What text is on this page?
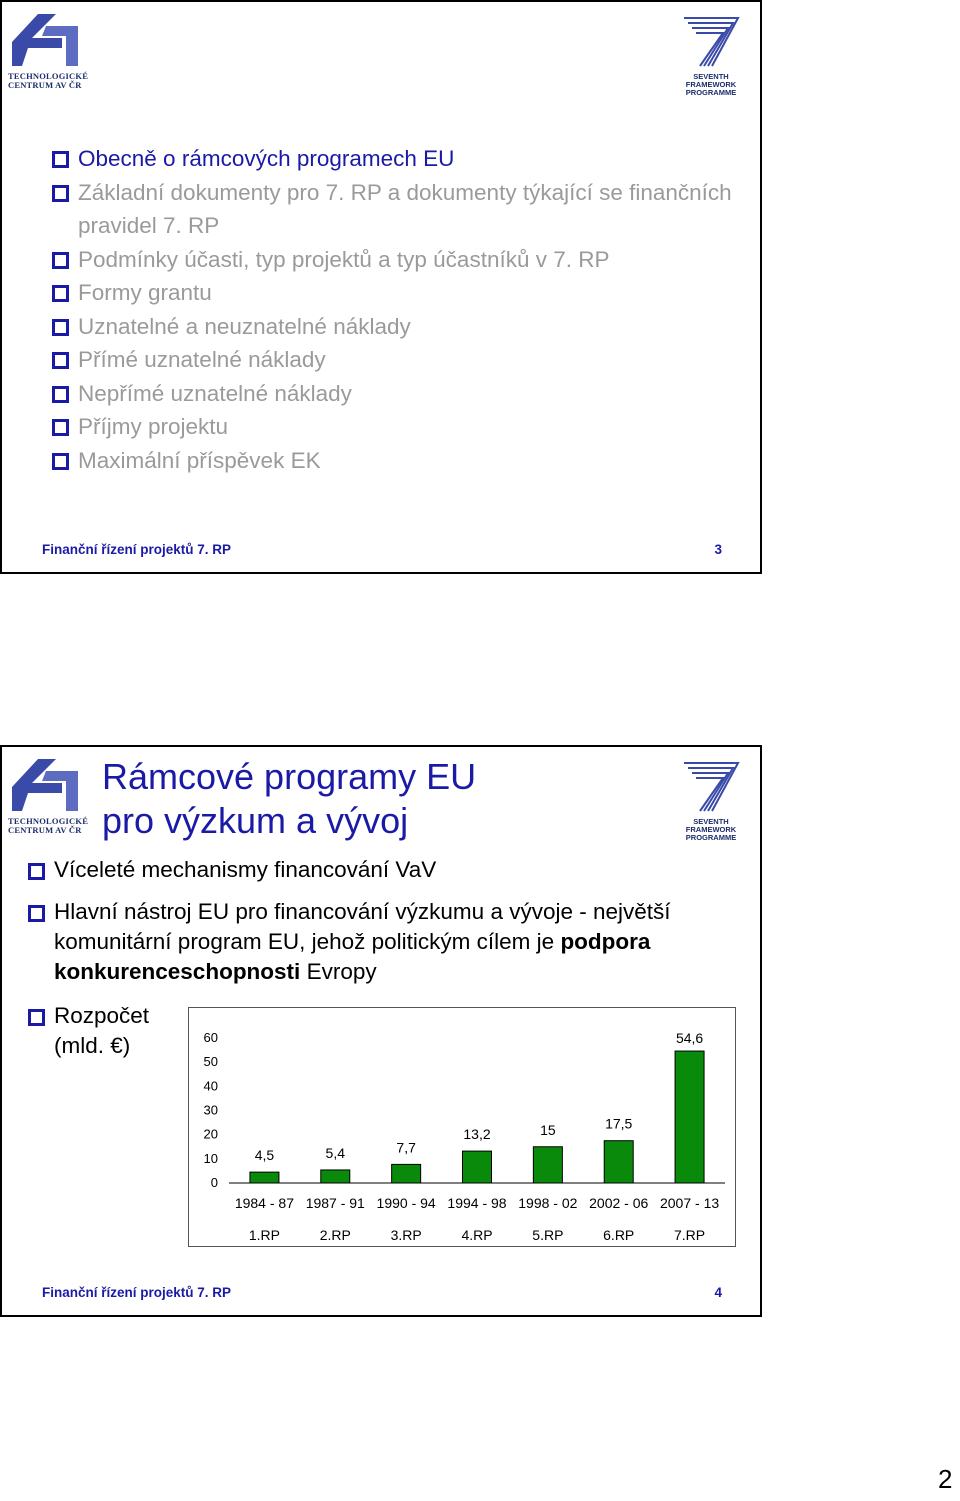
TECHNOLOGICKÉ
CENTRUM AV ČR
SEVENTH FRAMEWORK
PROGRAMME
Obecně o rámcových programech EU
Základní dokumenty pro 7. RP a dokumenty týkající se finančních pravidel 7. RP
Podmínky účasti, typ projektů a typ účastníků v 7. RP
Formy grantu
Uznatelné a neuznatelné náklady
Přímé uznatelné náklady
Nepřímé uznatelné náklady
Příjmy projektu
Maximální příspěvek EK
Finanční řízení projektů 7. RP	3
TECHNOLOGICKÉ
CENTRUM AV ČR
SEVENTH FRAMEWORK
PROGRAMME
Rámcové programy EU
pro výzkum a vývoj
Víceleté mechanismy financování VaV
Hlavní nástroj EU pro financování výzkumu a vývoje - největší komunitární program EU, jehož politickým cílem je podpora konkurenceschopnosti Evropy
Rozpočet
(mld. €)
0
10
20
30
40
50
60
4,5
1984 - 87
1.RP
5,4
1987 - 91
2.RP
7,7
1990 - 94
3.RP
13,2
1994 - 98
4.RP
15
1998 - 02
5.RP
17,5
2002 - 06
6.RP
54,6
2007 - 13
7.RP
Finanční řízení projektů 7. RP	4
2
